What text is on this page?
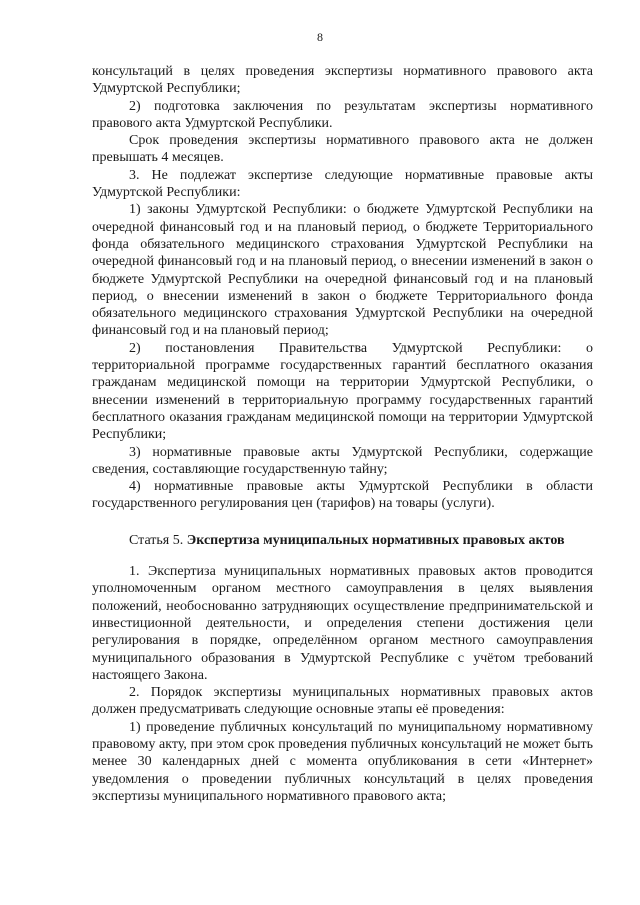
8

консультаций в целях проведения экспертизы нормативного правового акта Удмуртской Республики;

2) подготовка заключения по результатам экспертизы нормативного правового акта Удмуртской Республики.

Срок проведения экспертизы нормативного правового акта не должен превышать 4 месяцев.

3. Не подлежат экспертизе следующие нормативные правовые акты Удмуртской Республики:

1) законы Удмуртской Республики: о бюджете Удмуртской Республики на очередной финансовый год и на плановый период, о бюджете Территориального фонда обязательного медицинского страхования Удмуртской Республики на очередной финансовый год и на плановый период, о внесении изменений в закон о бюджете Удмуртской Республики на очередной финансовый год и на плановый период, о внесении изменений в закон о бюджете Территориального фонда обязательного медицинского страхования Удмуртской Республики на очередной финансовый год и на плановый период;

2) постановления Правительства Удмуртской Республики: о территориальной программе государственных гарантий бесплатного оказания гражданам медицинской помощи на территории Удмуртской Республики, о внесении изменений в территориальную программу государственных гарантий бесплатного оказания гражданам медицинской помощи на территории Удмуртской Республики;

3) нормативные правовые акты Удмуртской Республики, содержащие сведения, составляющие государственную тайну;

4) нормативные правовые акты Удмуртской Республики в области государственного регулирования цен (тарифов) на товары (услуги).

Статья 5. Экспертиза муниципальных нормативных правовых актов

1. Экспертиза муниципальных нормативных правовых актов проводится уполномоченным органом местного самоуправления в целях выявления положений, необоснованно затрудняющих осуществление предпринимательской и инвестиционной деятельности, и определения степени достижения цели регулирования в порядке, определённом органом местного самоуправления муниципального образования в Удмуртской Республике с учётом требований настоящего Закона.

2. Порядок экспертизы муниципальных нормативных правовых актов должен предусматривать следующие основные этапы её проведения:

1) проведение публичных консультаций по муниципальному нормативному правовому акту, при этом срок проведения публичных консультаций не может быть менее 30 календарных дней с момента опубликования в сети «Интернет» уведомления о проведении публичных консультаций в целях проведения экспертизы муниципального нормативного правового акта;
